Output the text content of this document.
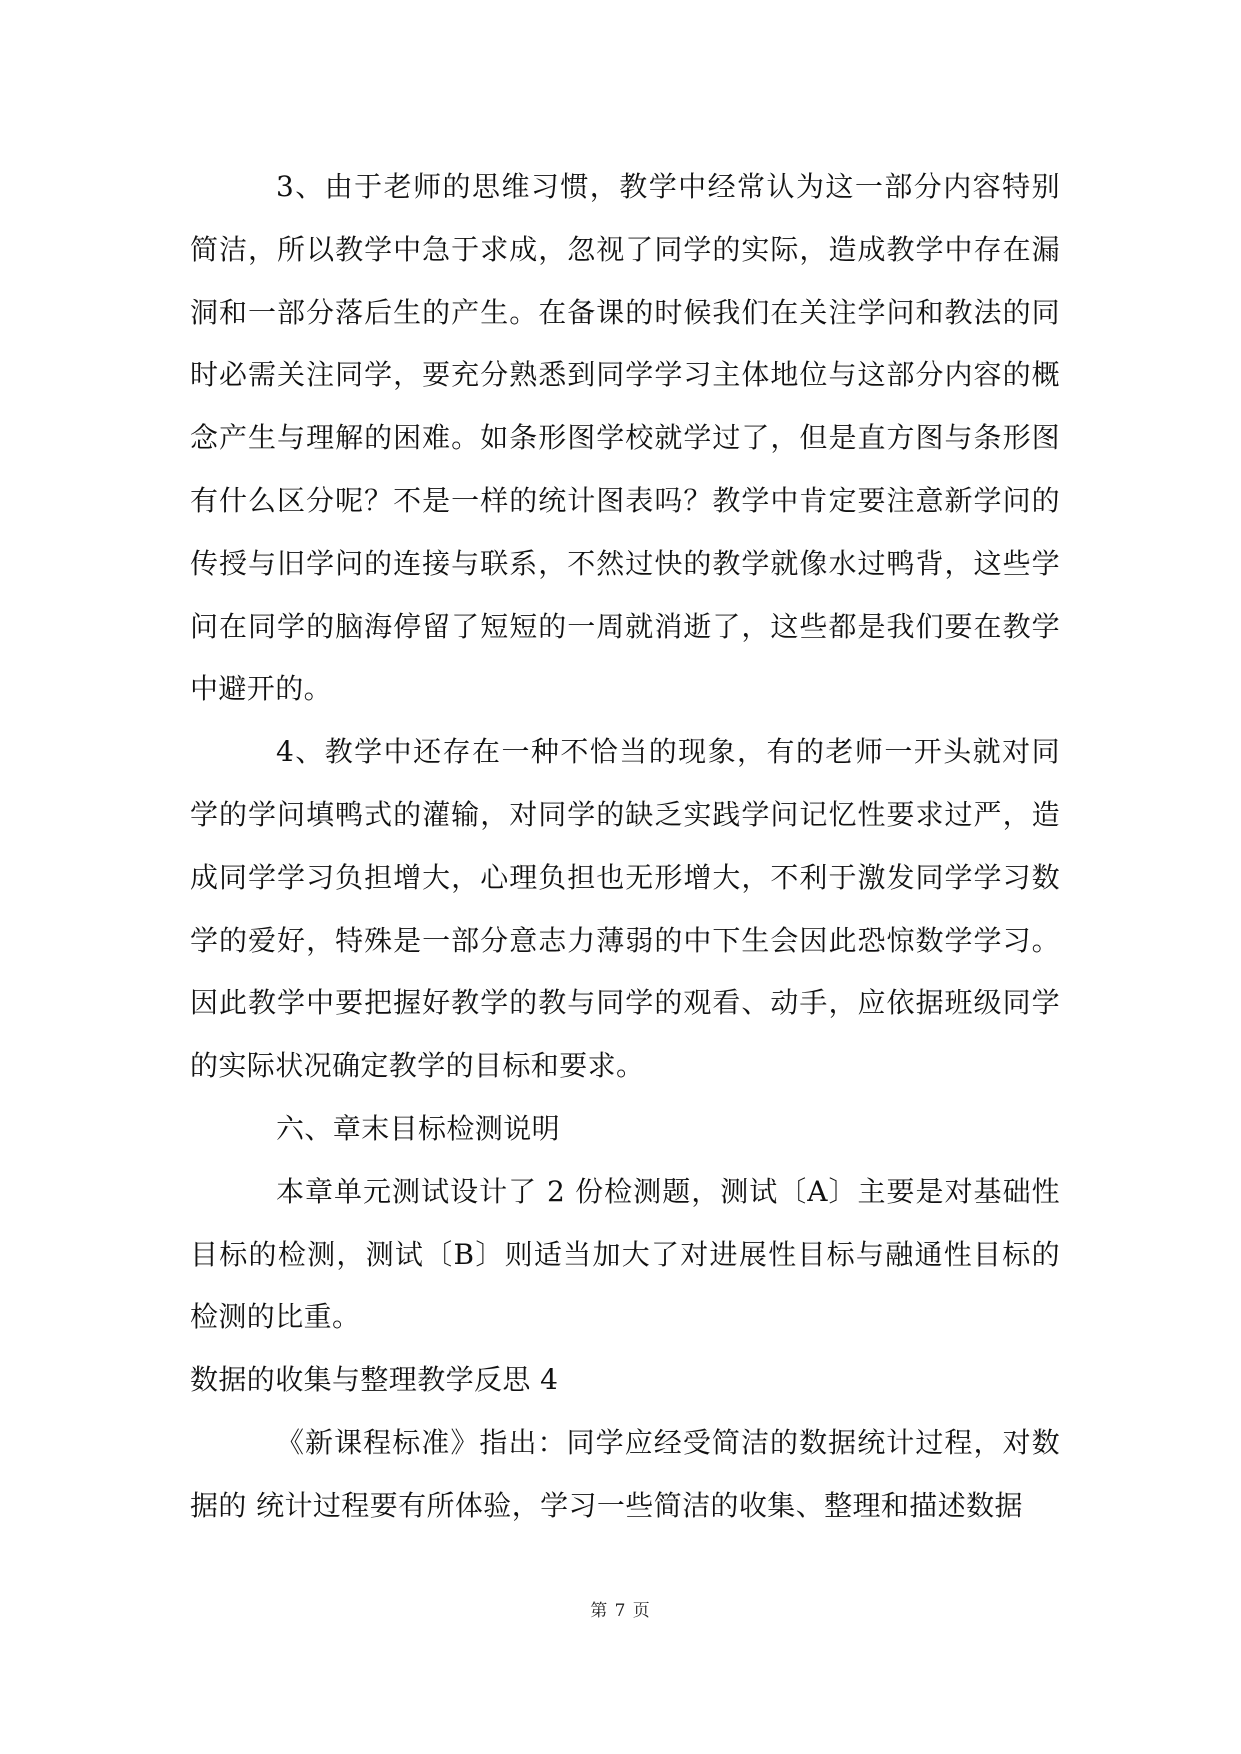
3、由于老师的思维习惯，教学中经常认为这一部分内容特别简洁，所以教学中急于求成，忽视了同学的实际，造成教学中存在漏洞和一部分落后生的产生。在备课的时候我们在关注学问和教法的同时必需关注同学，要充分熟悉到同学学习主体地位与这部分内容的概念产生与理解的困难。如条形图学校就学过了，但是直方图与条形图有什么区分呢？不是一样的统计图表吗？教学中肯定要注意新学问的传授与旧学问的连接与联系，不然过快的教学就像水过鸭背，这些学问在同学的脑海停留了短短的一周就消逝了，这些都是我们要在教学中避开的。

4、教学中还存在一种不恰当的现象，有的老师一开头就对同学的学问填鸭式的灌输，对同学的缺乏实践学问记忆性要求过严，造成同学学习负担增大，心理负担也无形增大，不利于激发同学学习数学的爱好，特殊是一部分意志力薄弱的中下生会因此恐惊数学学习。因此教学中要把握好教学的教与同学的观看、动手，应依据班级同学的实际状况确定教学的目标和要求。

六、章末目标检测说明

本章单元测试设计了 2 份检测题，测试〔A〕主要是对基础性目标的检测，测试〔B〕则适当加大了对进展性目标与融通性目标的检测的比重。

数据的收集与整理教学反思 4

《新课程标准》指出：同学应经受简洁的数据统计过程，对数据的 统计过程要有所体验，学习一些简洁的收集、整理和描述数据

第 7 页
